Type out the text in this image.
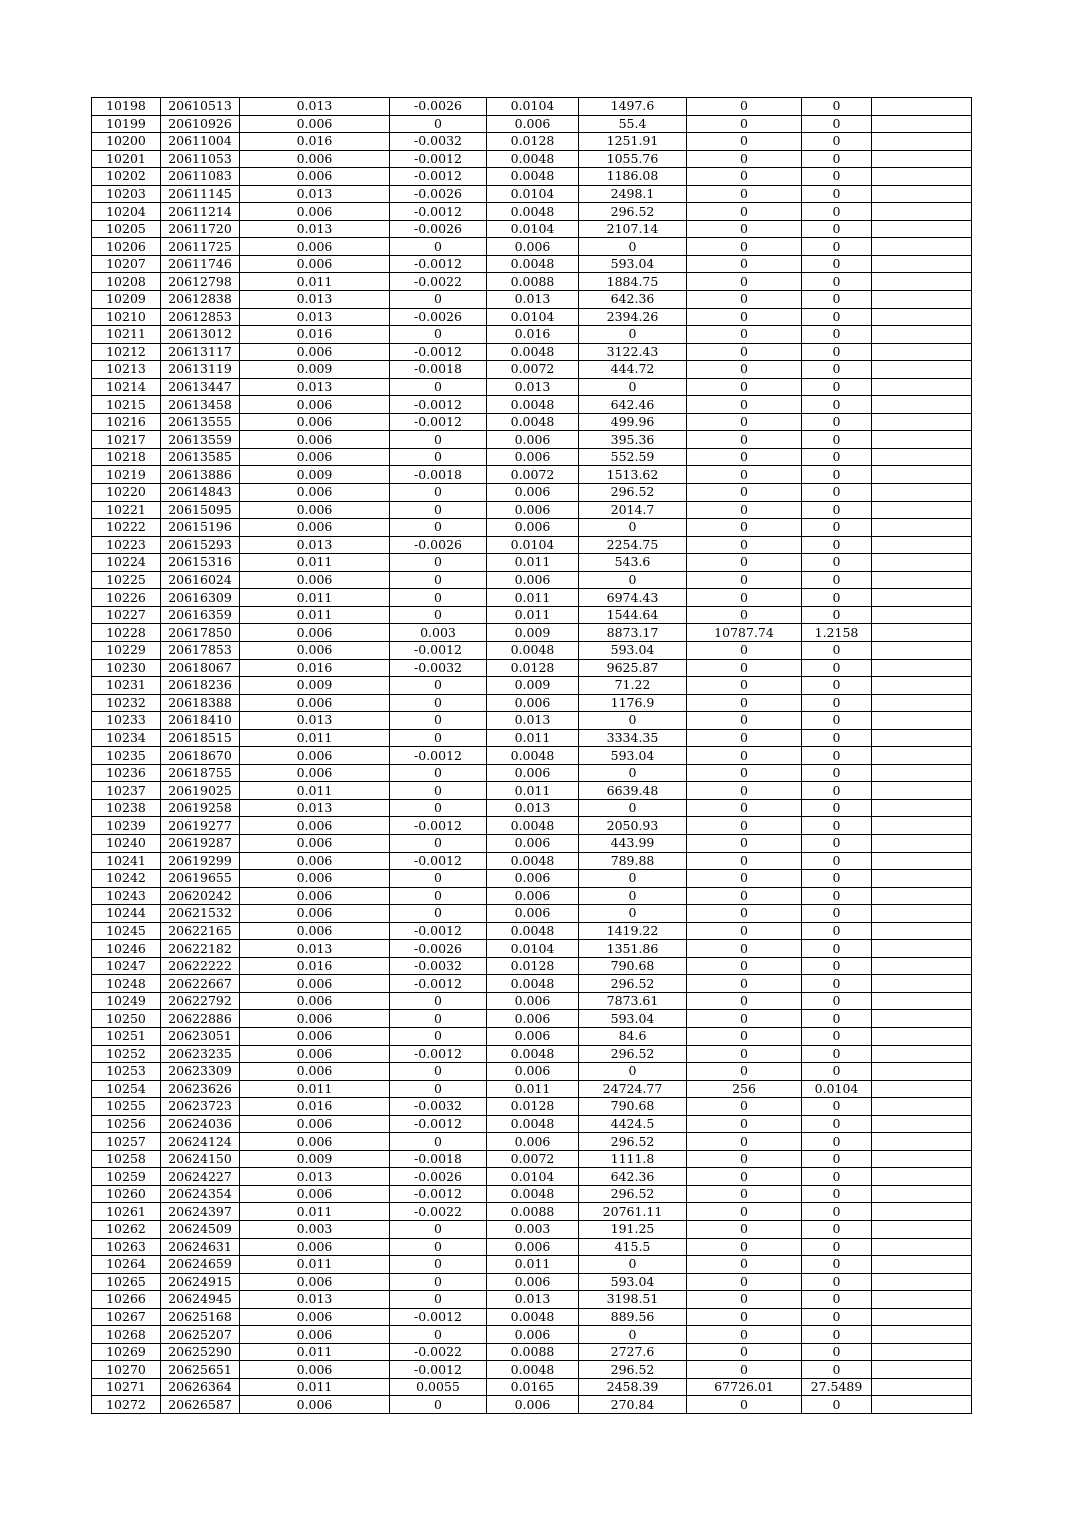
10198	20610513	0.013	-0.0026	0.0104	1497.6	0	0	
10199	20610926	0.006	0	0.006	55.4	0	0	
10200	20611004	0.016	-0.0032	0.0128	1251.91	0	0	
10201	20611053	0.006	-0.0012	0.0048	1055.76	0	0	
10202	20611083	0.006	-0.0012	0.0048	1186.08	0	0	
10203	20611145	0.013	-0.0026	0.0104	2498.1	0	0	
10204	20611214	0.006	-0.0012	0.0048	296.52	0	0	
10205	20611720	0.013	-0.0026	0.0104	2107.14	0	0	
10206	20611725	0.006	0	0.006	0	0	0	
10207	20611746	0.006	-0.0012	0.0048	593.04	0	0	
10208	20612798	0.011	-0.0022	0.0088	1884.75	0	0	
10209	20612838	0.013	0	0.013	642.36	0	0	
10210	20612853	0.013	-0.0026	0.0104	2394.26	0	0	
10211	20613012	0.016	0	0.016	0	0	0	
10212	20613117	0.006	-0.0012	0.0048	3122.43	0	0	
10213	20613119	0.009	-0.0018	0.0072	444.72	0	0	
10214	20613447	0.013	0	0.013	0	0	0	
10215	20613458	0.006	-0.0012	0.0048	642.46	0	0	
10216	20613555	0.006	-0.0012	0.0048	499.96	0	0	
10217	20613559	0.006	0	0.006	395.36	0	0	
10218	20613585	0.006	0	0.006	552.59	0	0	
10219	20613886	0.009	-0.0018	0.0072	1513.62	0	0	
10220	20614843	0.006	0	0.006	296.52	0	0	
10221	20615095	0.006	0	0.006	2014.7	0	0	
10222	20615196	0.006	0	0.006	0	0	0	
10223	20615293	0.013	-0.0026	0.0104	2254.75	0	0	
10224	20615316	0.011	0	0.011	543.6	0	0	
10225	20616024	0.006	0	0.006	0	0	0	
10226	20616309	0.011	0	0.011	6974.43	0	0	
10227	20616359	0.011	0	0.011	1544.64	0	0	
10228	20617850	0.006	0.003	0.009	8873.17	10787.74	1.2158	
10229	20617853	0.006	-0.0012	0.0048	593.04	0	0	
10230	20618067	0.016	-0.0032	0.0128	9625.87	0	0	
10231	20618236	0.009	0	0.009	71.22	0	0	
10232	20618388	0.006	0	0.006	1176.9	0	0	
10233	20618410	0.013	0	0.013	0	0	0	
10234	20618515	0.011	0	0.011	3334.35	0	0	
10235	20618670	0.006	-0.0012	0.0048	593.04	0	0	
10236	20618755	0.006	0	0.006	0	0	0	
10237	20619025	0.011	0	0.011	6639.48	0	0	
10238	20619258	0.013	0	0.013	0	0	0	
10239	20619277	0.006	-0.0012	0.0048	2050.93	0	0	
10240	20619287	0.006	0	0.006	443.99	0	0	
10241	20619299	0.006	-0.0012	0.0048	789.88	0	0	
10242	20619655	0.006	0	0.006	0	0	0	
10243	20620242	0.006	0	0.006	0	0	0	
10244	20621532	0.006	0	0.006	0	0	0	
10245	20622165	0.006	-0.0012	0.0048	1419.22	0	0	
10246	20622182	0.013	-0.0026	0.0104	1351.86	0	0	
10247	20622222	0.016	-0.0032	0.0128	790.68	0	0	
10248	20622667	0.006	-0.0012	0.0048	296.52	0	0	
10249	20622792	0.006	0	0.006	7873.61	0	0	
10250	20622886	0.006	0	0.006	593.04	0	0	
10251	20623051	0.006	0	0.006	84.6	0	0	
10252	20623235	0.006	-0.0012	0.0048	296.52	0	0	
10253	20623309	0.006	0	0.006	0	0	0	
10254	20623626	0.011	0	0.011	24724.77	256	0.0104	
10255	20623723	0.016	-0.0032	0.0128	790.68	0	0	
10256	20624036	0.006	-0.0012	0.0048	4424.5	0	0	
10257	20624124	0.006	0	0.006	296.52	0	0	
10258	20624150	0.009	-0.0018	0.0072	1111.8	0	0	
10259	20624227	0.013	-0.0026	0.0104	642.36	0	0	
10260	20624354	0.006	-0.0012	0.0048	296.52	0	0	
10261	20624397	0.011	-0.0022	0.0088	20761.11	0	0	
10262	20624509	0.003	0	0.003	191.25	0	0	
10263	20624631	0.006	0	0.006	415.5	0	0	
10264	20624659	0.011	0	0.011	0	0	0	
10265	20624915	0.006	0	0.006	593.04	0	0	
10266	20624945	0.013	0	0.013	3198.51	0	0	
10267	20625168	0.006	-0.0012	0.0048	889.56	0	0	
10268	20625207	0.006	0	0.006	0	0	0	
10269	20625290	0.011	-0.0022	0.0088	2727.6	0	0	
10270	20625651	0.006	-0.0012	0.0048	296.52	0	0	
10271	20626364	0.011	0.0055	0.0165	2458.39	67726.01	27.5489	
10272	20626587	0.006	0	0.006	270.84	0	0	
